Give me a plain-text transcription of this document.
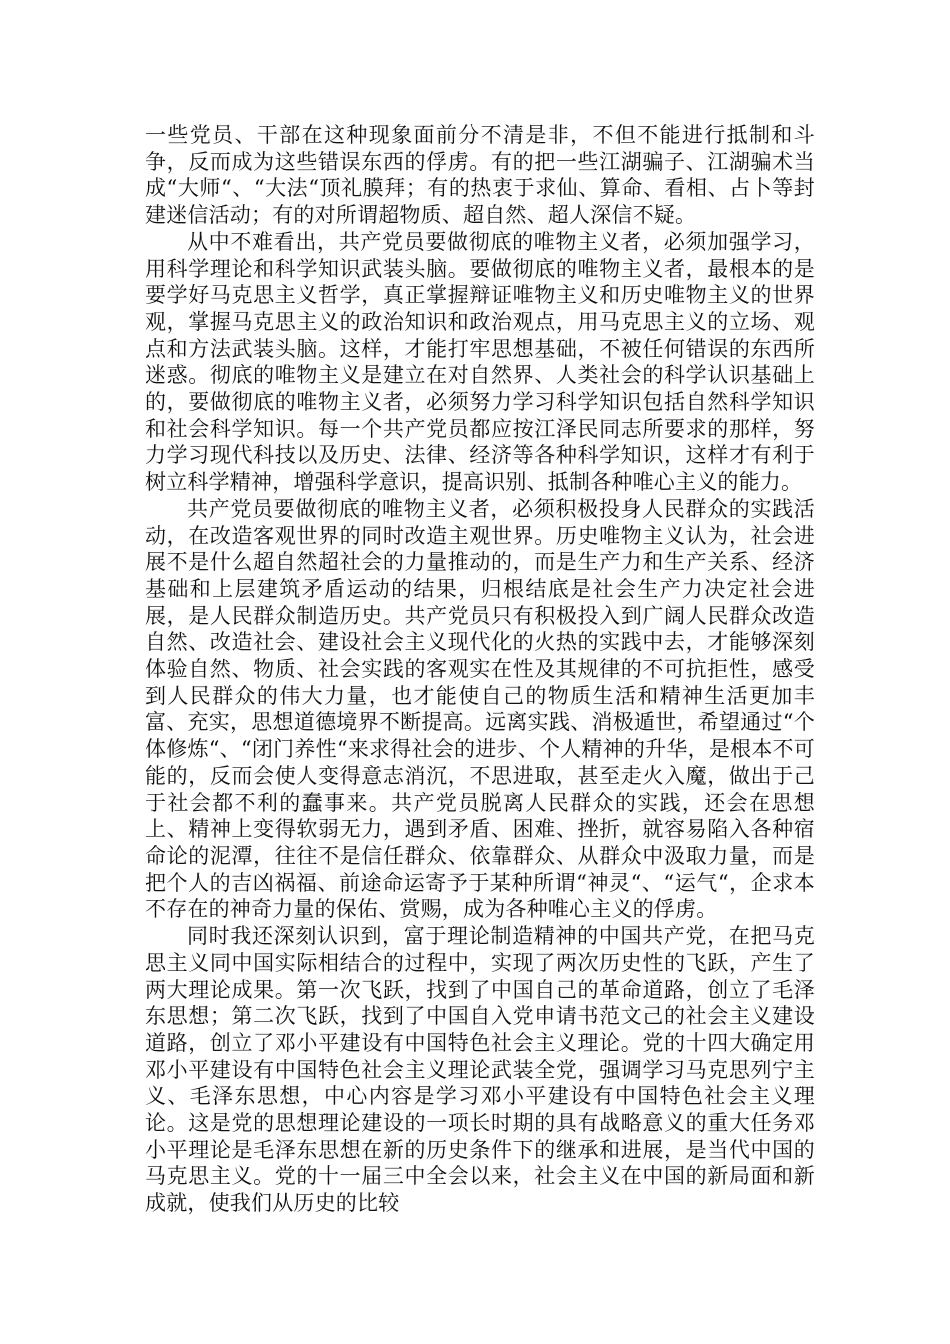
一些党员、干部在这种现象面前分不清是非，不但不能进行抵制和斗争，反而成为这些错误东西的俘虏。有的把一些江湖骗子、江湖骗术当成“大师“、“大法“顶礼膜拜；有的热衷于求仙、算命、看相、占卜等封建迷信活动；有的对所谓超物质、超自然、超人深信不疑。

从中不难看出，共产党员要做彻底的唯物主义者，必须加强学习，用科学理论和科学知识武装头脑。要做彻底的唯物主义者，最根本的是要学好马克思主义哲学，真正掌握辩证唯物主义和历史唯物主义的世界观，掌握马克思主义的政治知识和政治观点，用马克思主义的立场、观点和方法武装头脑。这样，才能打牢思想基础，不被任何错误的东西所迷惑。彻底的唯物主义是建立在对自然界、人类社会的科学认识基础上的，要做彻底的唯物主义者，必须努力学习科学知识包括自然科学知识和社会科学知识。每一个共产党员都应按江泽民同志所要求的那样，努力学习现代科技以及历史、法律、经济等各种科学知识，这样才有利于树立科学精神，增强科学意识，提高识别、抵制各种唯心主义的能力。

共产党员要做彻底的唯物主义者，必须积极投身人民群众的实践活动，在改造客观世界的同时改造主观世界。历史唯物主义认为，社会进展不是什么超自然超社会的力量推动的，而是生产力和生产关系、经济基础和上层建筑矛盾运动的结果，归根结底是社会生产力决定社会进展，是人民群众制造历史。共产党员只有积极投入到广阔人民群众改造自然、改造社会、建设社会主义现代化的火热的实践中去，才能够深刻体验自然、物质、社会实践的客观实在性及其规律的不可抗拒性，感受到人民群众的伟大力量，也才能使自己的物质生活和精神生活更加丰富、充实，思想道德境界不断提高。远离实践、消极遁世，希望通过“个体修炼“、“闭门养性“来求得社会的进步、个人精神的升华，是根本不可能的，反而会使人变得意志消沉，不思进取，甚至走火入魔，做出于己于社会都不利的蠢事来。共产党员脱离人民群众的实践，还会在思想上、精神上变得软弱无力，遇到矛盾、困难、挫折，就容易陷入各种宿命论的泥潭，往往不是信任群众、依靠群众、从群众中汲取力量，而是把个人的吉凶祸福、前途命运寄予于某种所谓“神灵“、“运气“，企求本不存在的神奇力量的保佑、赏赐，成为各种唯心主义的俘虏。

同时我还深刻认识到，富于理论制造精神的中国共产党，在把马克思主义同中国实际相结合的过程中，实现了两次历史性的飞跃，产生了两大理论成果。第一次飞跃，找到了中国自己的革命道路，创立了毛泽东思想；第二次飞跃，找到了中国自入党申请书范文己的社会主义建设道路，创立了邓小平建设有中国特色社会主义理论。党的十四大确定用邓小平建设有中国特色社会主义理论武装全党，强调学习马克思列宁主义、毛泽东思想，中心内容是学习邓小平建设有中国特色社会主义理论。这是党的思想理论建设的一项长时期的具有战略意义的重大任务邓小平理论是毛泽东思想在新的历史条件下的继承和进展，是当代中国的马克思主义。党的十一届三中全会以来，社会主义在中国的新局面和新成就，使我们从历史的比较
